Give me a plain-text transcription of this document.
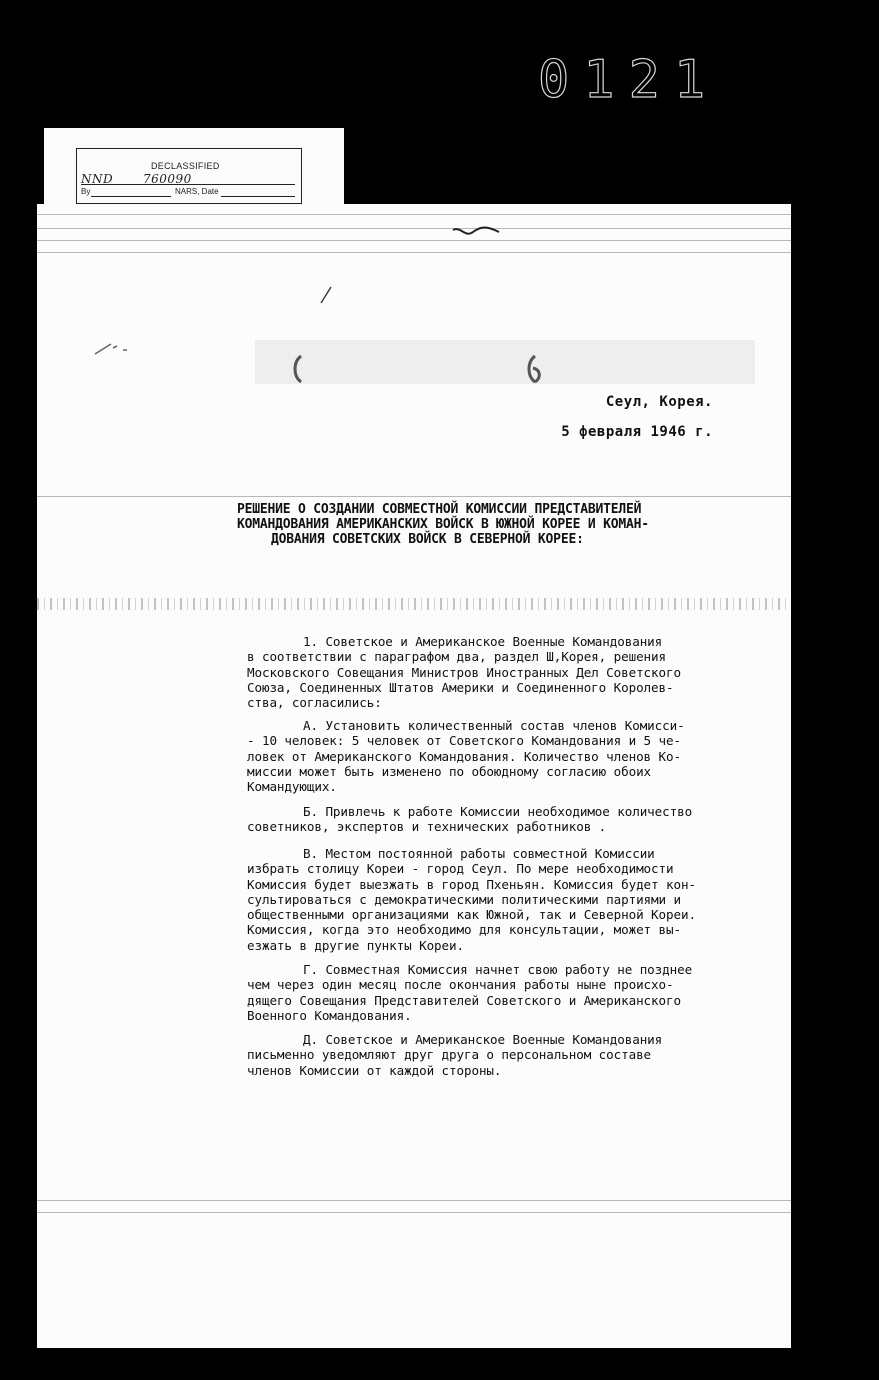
0121
DECLASSIFIED
NND 760090
By	NARS, Date
Сеул, Корея.
5 февраля 1946 г.
РЕШЕНИЕ О СОЗДАНИИ СОВМЕСТНОЙ КОМИССИИ ПРЕДСТАВИТЕЛЕЙ
КОМАНДОВАНИЯ АМЕРИКАНСКИХ ВОЙСК В ЮЖНОЙ КОРЕЕ И КОМАН-
ДОВАНИЯ СОВЕТСКИХ ВОЙСК В СЕВЕРНОЙ КОРЕЕ:
1. Советское и Американское Военные Командования
в соответствии с параграфом два, раздел Ш,Корея, решения
Московского Совещания Министров Иностранных Дел Советского
Союза, Соединенных Штатов Америки и Соединенного Королев-
ства, согласились:
А. Установить количественный состав членов Комисси-
- 10 человек: 5 человек от Советского Командования и 5 че-
ловек от Американского Командования. Количество членов Ко-
миссии может быть изменено по обоюдному согласию обоих
Командующих.
Б. Привлечь к работе Комиссии необходимое количество
советников, экспертов и технических работников .
В. Местом постоянной работы совместной Комиссии
избрать столицу Кореи - город Сеул. По мере необходимости
Комиссия будет выезжать в город Пхеньян. Комиссия будет кон-
сультироваться с демократическими политическими партиями и
общественными организациями как Южной, так и Северной Кореи.
Комиссия, когда это необходимо для консультации, может вы-
езжать в другие пункты Кореи.
Г. Совместная Комиссия начнет свою работу не позднее
чем через один месяц после окончания работы ныне происхо-
дящего Совещания Представителей Советского и Американского
Военного Командования.
Д. Советское и Американское Военные Командования
письменно уведомляют друг друга о персональном составе
членов Комиссии от каждой стороны.
